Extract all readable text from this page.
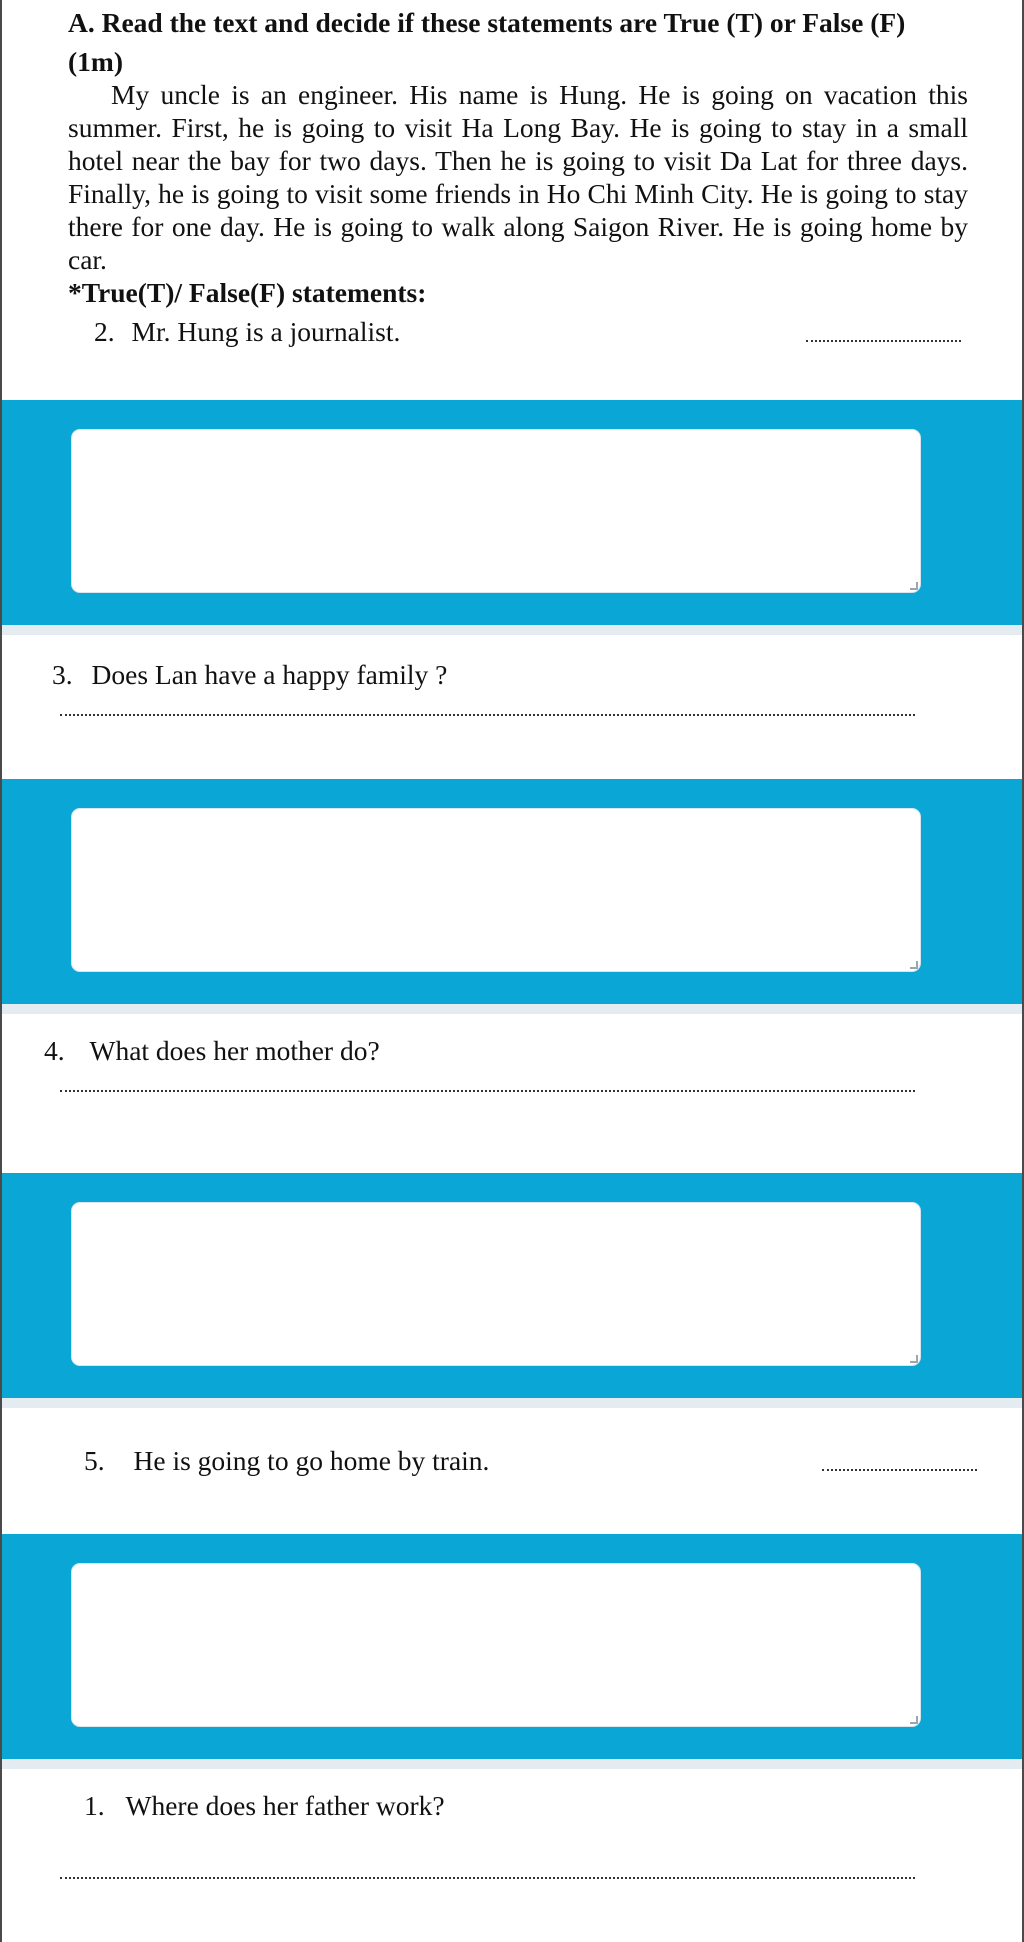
A. Read the text and decide if these statements are True (T) or False (F)

(1m)

My uncle is an engineer. His name is Hung. He is going on vacation this summer. First, he is going to visit Ha Long Bay. He is going to stay in a small hotel near the bay for two days. Then he is going to visit Da Lat for three days. Finally, he is going to visit some friends in Ho Chi Minh City. He is going to stay there for one day. He is going to walk along Saigon River. He is going home by car.

*True(T)/ False(F) statements:

2. Mr. Hung is a journalist.
3. Does Lan have a happy family ?
4. What does her mother do?
5. He is going to go home by train.
1. Where does her father work?
